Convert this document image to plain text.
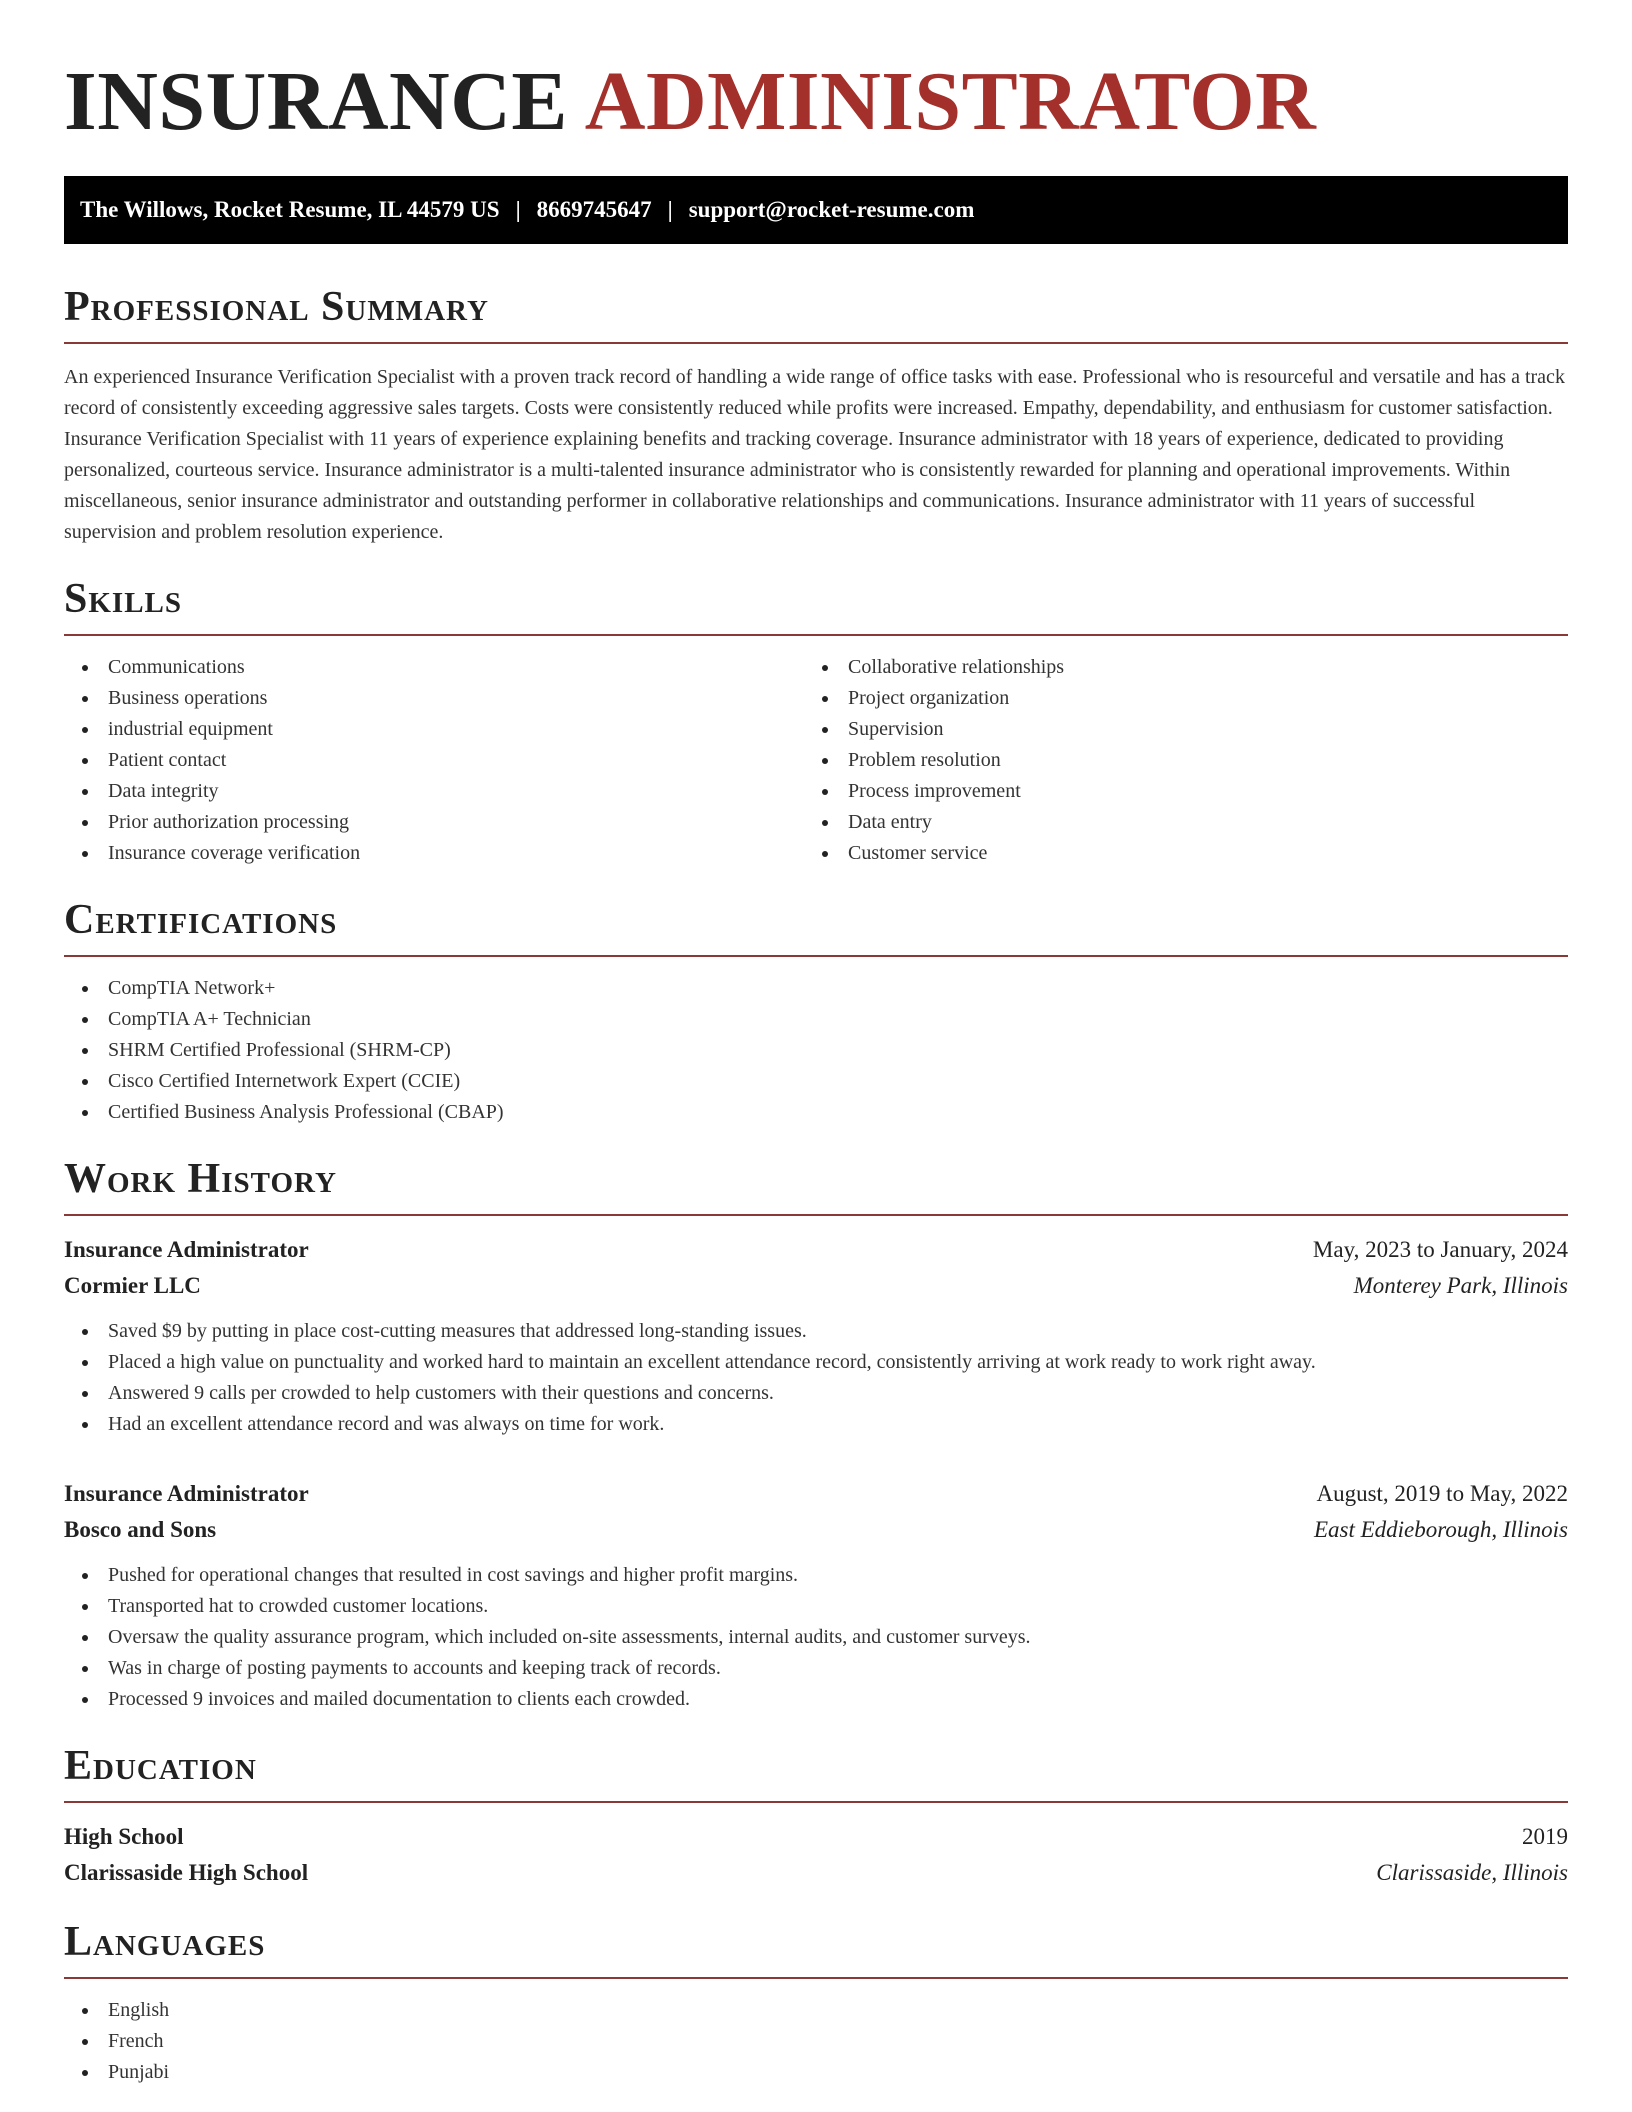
INSURANCE ADMINISTRATOR
The Willows, Rocket Resume, IL 44579 US | 8669745647 | support@rocket-resume.com
Professional Summary

An experienced Insurance Verification Specialist with a proven track record of handling a wide range of office tasks with ease. Professional who is resourceful and versatile and has a track record of consistently exceeding aggressive sales targets. Costs were consistently reduced while profits were increased. Empathy, dependability, and enthusiasm for customer satisfaction. Insurance Verification Specialist with 11 years of experience explaining benefits and tracking coverage. Insurance administrator with 18 years of experience, dedicated to providing personalized, courteous service. Insurance administrator is a multi-talented insurance administrator who is consistently rewarded for planning and operational improvements. Within miscellaneous, senior insurance administrator and outstanding performer in collaborative relationships and communications. Insurance administrator with 11 years of successful supervision and problem resolution experience.

Skills
Communications
Business operations
industrial equipment
Patient contact
Data integrity
Prior authorization processing
Insurance coverage verification
Collaborative relationships
Project organization
Supervision
Problem resolution
Process improvement
Data entry
Customer service
Certifications
CompTIA Network+
CompTIA A+ Technician
SHRM Certified Professional (SHRM-CP)
Cisco Certified Internetwork Expert (CCIE)
Certified Business Analysis Professional (CBAP)
Work History
Insurance Administrator	May, 2023 to January, 2024
Cormier LLC	Monterey Park, Illinois
Saved $9 by putting in place cost-cutting measures that addressed long-standing issues.
Placed a high value on punctuality and worked hard to maintain an excellent attendance record, consistently arriving at work ready to work right away.
Answered 9 calls per crowded to help customers with their questions and concerns.
Had an excellent attendance record and was always on time for work.
Insurance Administrator	August, 2019 to May, 2022
Bosco and Sons	East Eddieborough, Illinois
Pushed for operational changes that resulted in cost savings and higher profit margins.
Transported hat to crowded customer locations.
Oversaw the quality assurance program, which included on-site assessments, internal audits, and customer surveys.
Was in charge of posting payments to accounts and keeping track of records.
Processed 9 invoices and mailed documentation to clients each crowded.
Education
High School	2019
Clarissaside High School	Clarissaside, Illinois
Languages
English
French
Punjabi
